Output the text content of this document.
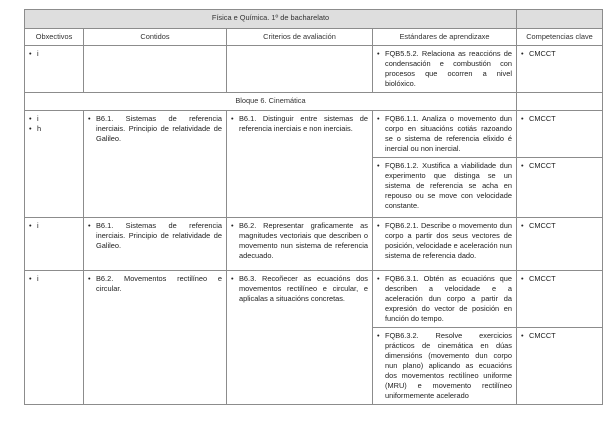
Física e Química. 1º de bacharelato				
Obxectivos	Contidos	Criterios de avaliación	Estándares de aprendizaxe	Competencias clave

• i			• FQB5.5.2. Relaciona as reaccións de condensación e combustión con procesos que ocorren a nivel biolóxico.	• CMCCT

Bloque 6. Cinemática				

• i
• h	• B6.1. Sistemas de referencia inerciais. Principio de relatividade de Galileo.	• B6.1. Distinguir entre sistemas de referencia inerciais e non inerciais.	• FQB6.1.1. Analiza o movemento dun corpo en situacións cotiás razoando se o sistema de referencia elixido é inercial ou non inercial.	• CMCCT

			• FQB6.1.2. Xustifica a viabilidade dun experimento que distinga se un sistema de referencia se acha en repouso ou se move con velocidade constante.	• CMCCT

• i	• B6.1. Sistemas de referencia inerciais. Principio de relatividade de Galileo.	• B6.2. Representar graficamente as magnitudes vectoriais que describen o movemento nun sistema de referencia adecuado.	• FQB6.2.1. Describe o movemento dun corpo a partir dos seus vectores de posición, velocidade e aceleración nun sistema de referencia dado.	• CMCCT

• i	• B6.2. Movementos rectilíneo e circular.	• B6.3. Recoñecer as ecuacións dos movementos rectilíneo e circular, e aplicalas a situacións concretas.	• FQB6.3.1. Obtén as ecuacións que describen a velocidade e a aceleración dun corpo a partir da expresión do vector de posición en función do tempo.	• CMCCT

			• FQB6.3.2. Resolve exercicios prácticos de cinemática en dúas dimensións (movemento dun corpo nun plano) aplicando as ecuacións dos movementos rectilíneo uniforme (MRU) e movemento rectilíneo uniformemente acelerado	• CMCCT
